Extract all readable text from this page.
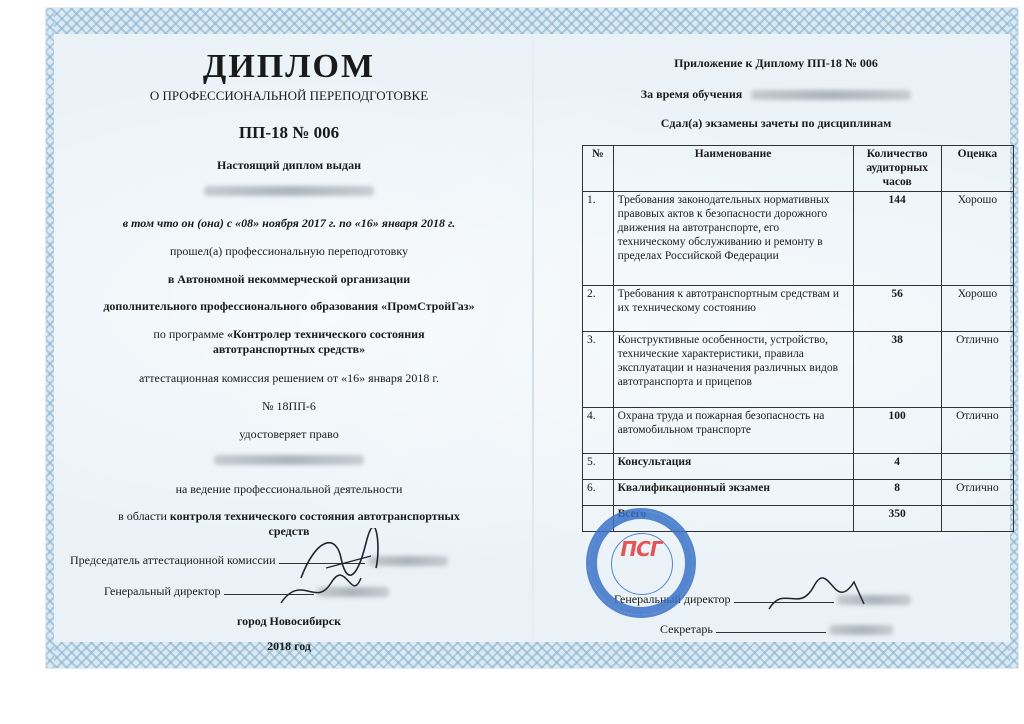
ДИПЛОМ
О ПРОФЕССИОНАЛЬНОЙ ПЕРЕПОДГОТОВКЕ
ПП-18 № 006
Настоящий диплом выдан
в том что он (она) с «08» ноября 2017 г. по «16» января 2018 г.
прошел(а) профессиональную переподготовку
в Автономной некоммерческой организации
дополнительного профессионального образования «ПромСтройГаз»
по программе «Контролер технического состояния
автотранспортных средств»
аттестационная комиссия решением от «16» января 2018 г.
№ 18ПП-6
удостоверяет право
на ведение профессиональной деятельности
в области контроля технического состояния автотранспортных
средств
Председатель аттестационной комиссии
Генеральный директор
город Новосибирск
2018 год
Приложение к Диплому ПП-18 № 006
За время обучения
Сдал(а) экзамены зачеты по дисциплинам
№	Наименование	Количество аудиторных часов	Оценка
1.	Требования законодательных нормативных правовых актов к безопасности дорожного движения на автотранспорте, его техническому обслуживанию и ремонту в пределах Российской Федерации	144	Хорошо
2.	Требования к автотранспортным средствам и их техническому состоянию	56	Хорошо
3.	Конструктивные особенности, устройство, технические характеристики, правила эксплуатации и назначения различных видов автотранспорта и прицепов	38	Отлично
4.	Охрана труда и пожарная безопасность на автомобильном транспорте	100	Отлично
5.	Консультация	4	
6.	Квалификационный экзамен	8	Отлично
	Всего	350	
Генеральный директор
Секретарь
ПСГ
